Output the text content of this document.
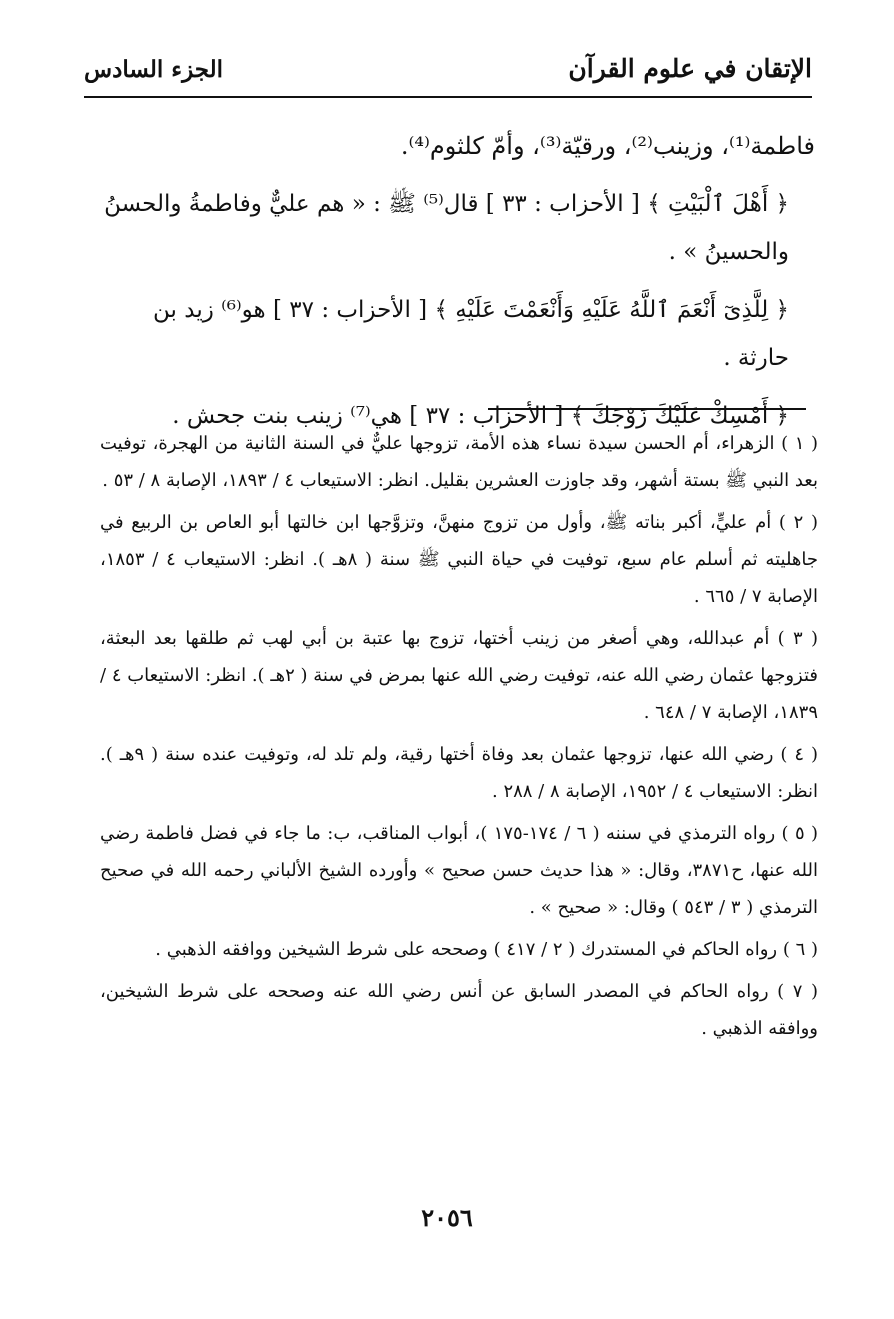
الإتقان في علوم القرآن
الجزء السادس

فاطمة⁽¹⁾، وزينب⁽²⁾، ورقيّة⁽³⁾، وأمّ كلثوم⁽⁴⁾.

﴿ أَهْلَ ٱلْبَيْتِ ﴾ [ الأحزاب : ٣٣ ] قال⁽⁵⁾ ﷺ : « هم عليٌّ وفاطمةُ والحسنُ والحسينُ » .

﴿ لِلَّذِىٓ أَنْعَمَ ٱللَّهُ عَلَيْهِ وَأَنْعَمْتَ عَلَيْهِ ﴾ [ الأحزاب : ٣٧ ] هو⁽⁶⁾ زيد بن حارثة .

﴿ أَمْسِكْ عَلَيْكَ زَوْجَكَ ﴾ [ الأحزاب : ٣٧ ] هي⁽⁷⁾ زينب بنت جحش .

( ١ ) الزهراء، أم الحسن سيدة نساء هذه الأمة، تزوجها عليٌّ في السنة الثانية من الهجرة، توفيت بعد النبي ﷺ بستة أشهر، وقد جاوزت العشرين بقليل. انظر: الاستيعاب ٤ / ١٨٩٣، الإصابة ٨ / ٥٣ .

( ٢ ) أم عليٍّ، أكبر بناته ﷺ، وأول من تزوج منهنَّ، وتزوَّجها ابن خالتها أبو العاص بن الربيع في جاهليته ثم أسلم عام سبع، توفيت في حياة النبي ﷺ سنة ( ٨هـ ). انظر: الاستيعاب ٤ / ١٨٥٣، الإصابة ٧ / ٦٦٥ .

( ٣ ) أم عبدالله، وهي أصغر من زينب أختها، تزوج بها عتبة بن أبي لهب ثم طلقها بعد البعثة، فتزوجها عثمان رضي الله عنه، توفيت رضي الله عنها بمرض في سنة ( ٢هـ ). انظر: الاستيعاب ٤ / ١٨٣٩، الإصابة ٧ / ٦٤٨ .

( ٤ ) رضي الله عنها، تزوجها عثمان بعد وفاة أختها رقية، ولم تلد له، وتوفيت عنده سنة ( ٩هـ ). انظر: الاستيعاب ٤ / ١٩٥٢، الإصابة ٨ / ٢٨٨ .

( ٥ ) رواه الترمذي في سننه ( ٦ / ١٧٤-١٧٥ )، أبواب المناقب، ب: ما جاء في فضل فاطمة رضي الله عنها، ح٣٨٧١، وقال: « هذا حديث حسن صحيح » وأورده الشيخ الألباني رحمه الله في صحيح الترمذي ( ٣ / ٥٤٣ ) وقال: « صحيح » .

( ٦ ) رواه الحاكم في المستدرك ( ٢ / ٤١٧ ) وصححه على شرط الشيخين ووافقه الذهبي .

( ٧ ) رواه الحاكم في المصدر السابق عن أنس رضي الله عنه وصححه على شرط الشيخين، ووافقه الذهبي .

٢٠٥٦
